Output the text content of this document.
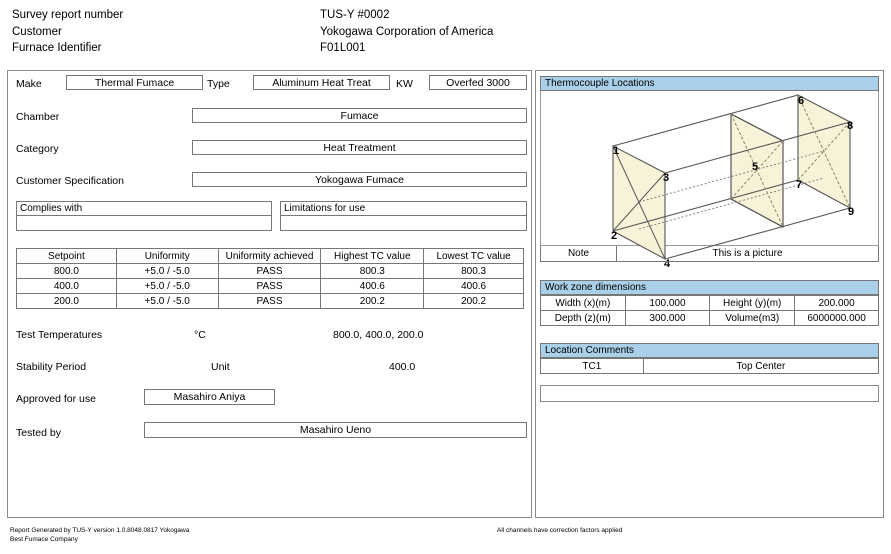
Survey report number	TUS-Y #0002
Customer	Yokogawa Corporation of America
Furnace Identifier	F01L001
Make	Thermal Fumace	Type	Aluminum Heat Treat	KW	Overfed 3000
Chamber	Fumace
Category	Heat Treatment
Customer Specification	Yokogawa Fumace
Complies with	Limitations for use
Setpoint	Uniformity	Uniformity achieved	Highest TC value	Lowest TC value
800.0	+5.0 / -5.0	PASS	800.3	800.3
400.0	+5.0 / -5.0	PASS	400.6	400.6
200.0	+5.0 / -5.0	PASS	200.2	200.2
Test Temperatures	°C	800.0, 400.0, 200.0
Stability Period	Unit	400.0
Approved for use	Masahiro Aniya
Tested by	Masahiro Ueno
Thermocouple Locations
1
2
3
4
5
6
7
8
9
Note	This is a picture
Work zone dimensions
Width (x)(m)	100.000	Height (y)(m)	200.000
Depth (z)(m)	300.000	Volume(m3)	6000000.000
Location Comments
TC1	Top Center
Report Generated by TUS-Y version 1.0.8048.0817 Yokogawa
Best Fumace Company
All channels have correction factors applied
